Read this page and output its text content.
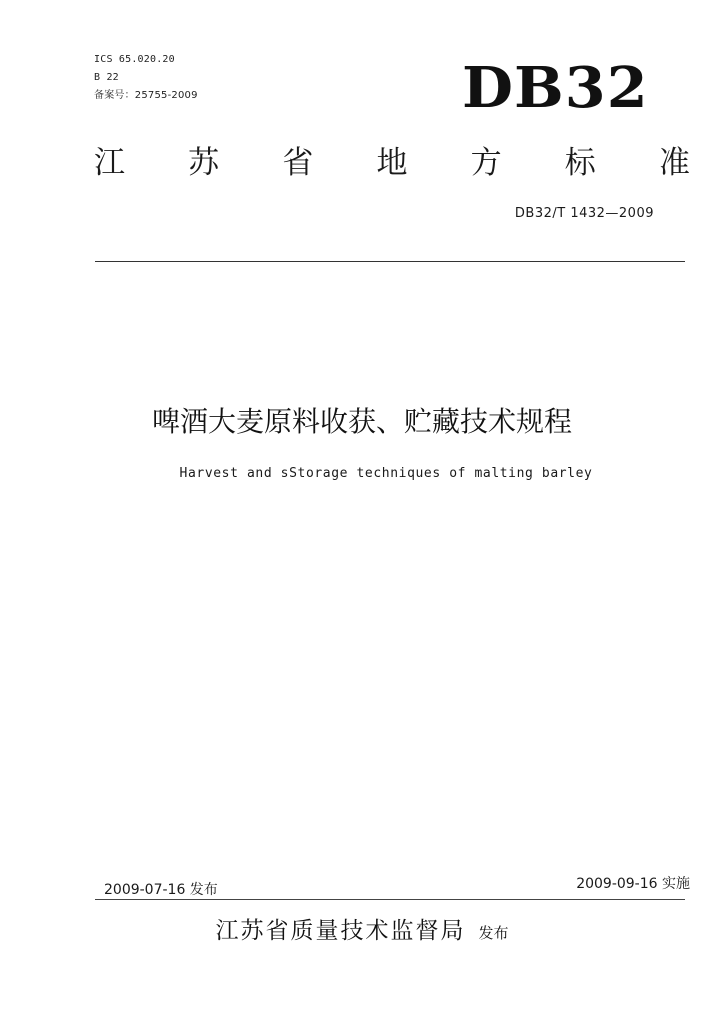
ICS 65.020.20
B 22
备案号：25755-2009	DB32
江 苏 省 地 方 标 准
DB32/T 1432—2009
啤酒大麦原料收获、贮藏技术规程
Harvest and sStorage techniques of malting barley
2009-07-16 发布	2009-09-16 实施
江苏省质量技术监督局 发布
